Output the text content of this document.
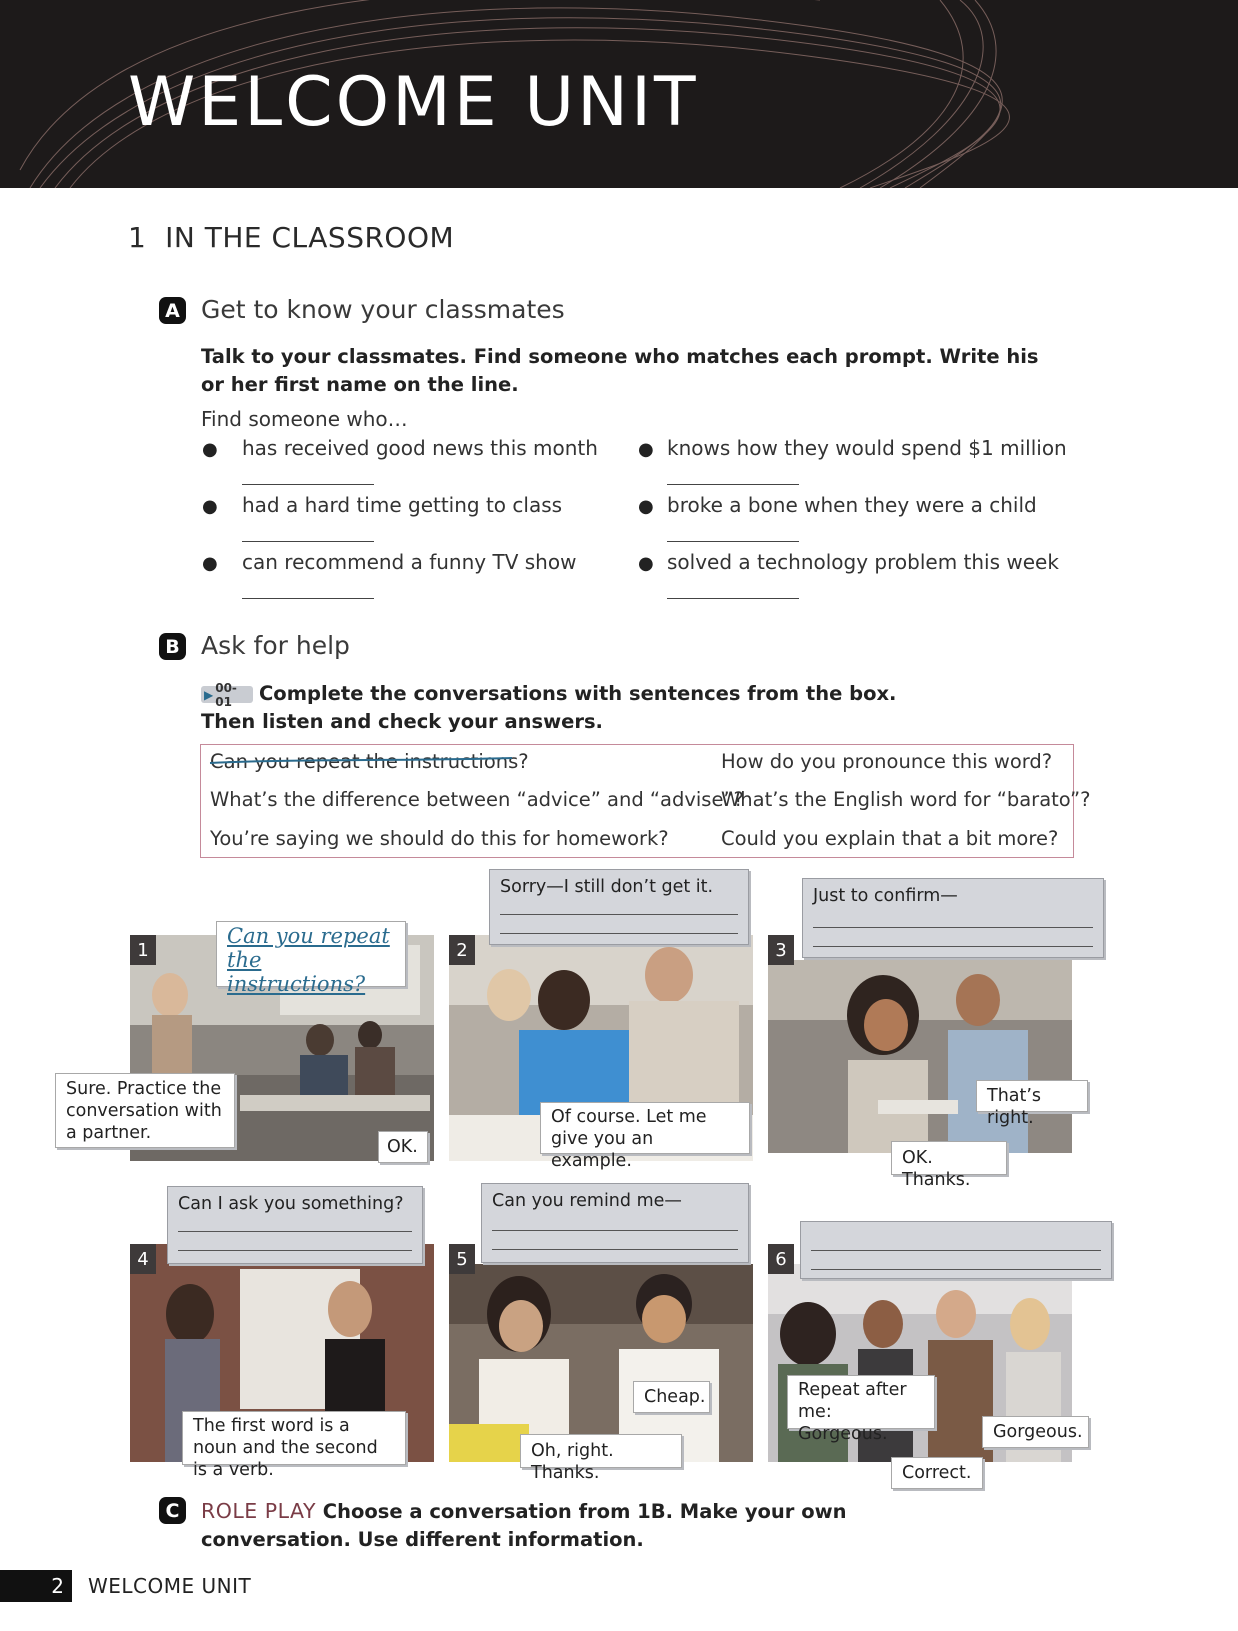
WELCOME UNIT
1  IN THE CLASSROOM
A Get to know your classmates
Talk to your classmates. Find someone who matches each prompt. Write his or her first name on the line.
Find someone who…
● has received good news this month
● had a hard time getting to class
● can recommend a funny TV show
● knows how they would spend $1 million
● broke a bone when they were a child
● solved a technology problem this week
B Ask for help
▶ 00-01	Complete the conversations with sentences from the box. Then listen and check your answers.
Can you repeat the instructions?
What’s the difference between “advice” and “advise”?
You’re saying we should do this for homework?
How do you pronounce this word?
What’s the English word for “barato”?
Could you explain that a bit more?
1	2	3
4	5	6
Can you repeat the instructions?
Sure. Practice the conversation with a partner.
OK.
Sorry—I still don’t get it.
Of course. Let me give you an example.
Just to confirm—
That’s right.
OK. Thanks.
Can I ask you something?
The first word is a noun and the second is a verb.
Can you remind me—
Cheap.
Oh, right. Thanks.
Repeat after me: Gorgeous.	Gorgeous.
Correct.
C	ROLE PLAY Choose a conversation from 1B. Make your own conversation. Use different information.
2	WELCOME UNIT
